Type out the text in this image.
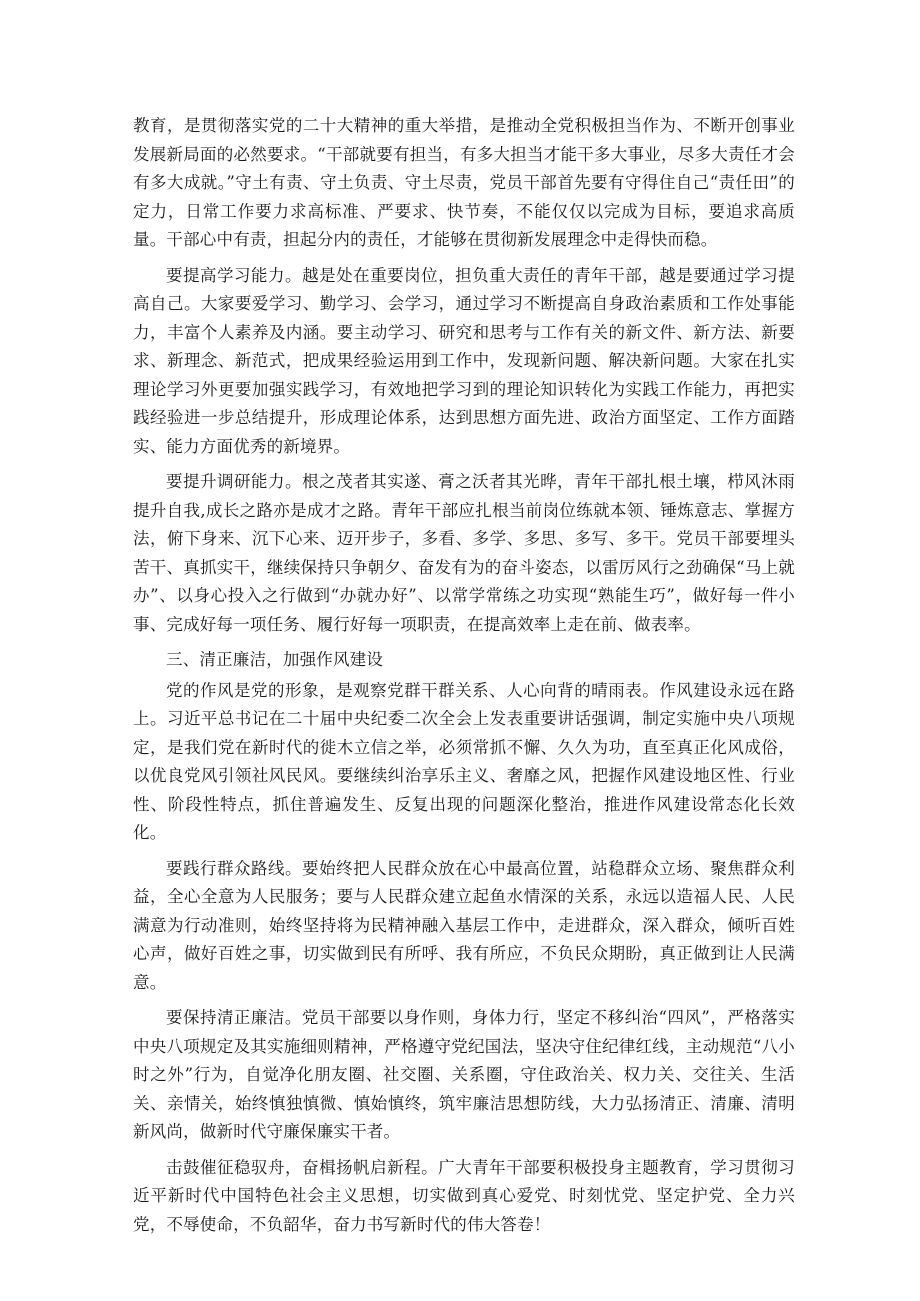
教育，是贯彻落实党的二十大精神的重大举措，是推动全党积极担当作为、不断开创事业发展新局面的必然要求。“干部就要有担当，有多大担当才能干多大事业，尽多大责任才会有多大成就。”守土有责、守土负责、守土尽责，党员干部首先要有守得住自己“责任田”的定力，日常工作要力求高标准、严要求、快节奏，不能仅仅以完成为目标，要追求高质量。干部心中有责，担起分内的责任，才能够在贯彻新发展理念中走得快而稳。

要提高学习能力。越是处在重要岗位，担负重大责任的青年干部，越是要通过学习提高自己。大家要爱学习、勤学习、会学习，通过学习不断提高自身政治素质和工作处事能力，丰富个人素养及内涵。要主动学习、研究和思考与工作有关的新文件、新方法、新要求、新理念、新范式，把成果经验运用到工作中，发现新问题、解决新问题。大家在扎实理论学习外更要加强实践学习，有效地把学习到的理论知识转化为实践工作能力，再把实践经验进一步总结提升，形成理论体系，达到思想方面先进、政治方面坚定、工作方面踏实、能力方面优秀的新境界。

要提升调研能力。根之茂者其实遂、膏之沃者其光晔，青年干部扎根土壤，栉风沐雨提升自我,成长之路亦是成才之路。青年干部应扎根当前岗位练就本领、锤炼意志、掌握方法，俯下身来、沉下心来、迈开步子，多看、多学、多思、多写、多干。党员干部要埋头苦干、真抓实干，继续保持只争朝夕、奋发有为的奋斗姿态，以雷厉风行之劲确保“马上就办”、以身心投入之行做到“办就办好”、以常学常练之功实现“熟能生巧”，做好每一件小事、完成好每一项任务、履行好每一项职责，在提高效率上走在前、做表率。

三、清正廉洁，加强作风建设

党的作风是党的形象，是观察党群干群关系、人心向背的晴雨表。作风建设永远在路上。习近平总书记在二十届中央纪委二次全会上发表重要讲话强调，制定实施中央八项规定，是我们党在新时代的徙木立信之举，必须常抓不懈、久久为功，直至真正化风成俗，以优良党风引领社风民风。要继续纠治享乐主义、奢靡之风，把握作风建设地区性、行业性、阶段性特点，抓住普遍发生、反复出现的问题深化整治，推进作风建设常态化长效化。

要践行群众路线。要始终把人民群众放在心中最高位置，站稳群众立场、聚焦群众利益，全心全意为人民服务；要与人民群众建立起鱼水情深的关系，永远以造福人民、人民满意为行动准则，始终坚持将为民精神融入基层工作中，走进群众，深入群众，倾听百姓心声，做好百姓之事，切实做到民有所呼、我有所应，不负民众期盼，真正做到让人民满意。

要保持清正廉洁。党员干部要以身作则，身体力行，坚定不移纠治“四风”，严格落实中央八项规定及其实施细则精神，严格遵守党纪国法，坚决守住纪律红线，主动规范“八小时之外”行为，自觉净化朋友圈、社交圈、关系圈，守住政治关、权力关、交往关、生活关、亲情关，始终慎独慎微、慎始慎终，筑牢廉洁思想防线，大力弘扬清正、清廉、清明新风尚，做新时代守廉保廉实干者。

击鼓催征稳驭舟，奋楫扬帆启新程。广大青年干部要积极投身主题教育，学习贯彻习近平新时代中国特色社会主义思想，切实做到真心爱党、时刻忧党、坚定护党、全力兴党，不辱使命，不负韶华，奋力书写新时代的伟大答卷！
